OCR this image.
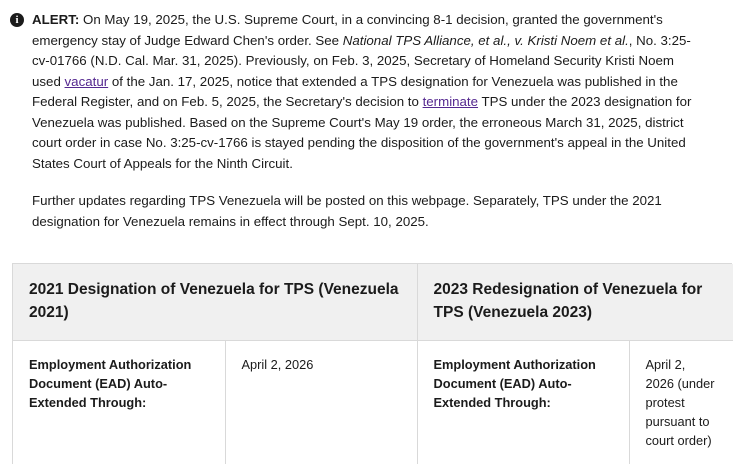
i	ALERT: On May 19, 2025, the U.S. Supreme Court, in a convincing 8-1 decision, granted the government's emergency stay of Judge Edward Chen's order. See National TPS Alliance, et al., v. Kristi Noem et al., No. 3:25-cv-01766 (N.D. Cal. Mar. 31, 2025). Previously, on Feb. 3, 2025, Secretary of Homeland Security Kristi Noem used vacatur of the Jan. 17, 2025, notice that extended a TPS designation for Venezuela was published in the Federal Register, and on Feb. 5, 2025, the Secretary's decision to terminate TPS under the 2023 designation for Venezuela was published. Based on the Supreme Court's May 19 order, the erroneous March 31, 2025, district court order in case No. 3:25-cv-1766 is stayed pending the disposition of the government's appeal in the United States Court of Appeals for the Ninth Circuit.

Further updates regarding TPS Venezuela will be posted on this webpage. Separately, TPS under the 2021 designation for Venezuela remains in effect through Sept. 10, 2025.

2021 Designation of Venezuela for TPS (Venezuela 2021)		2023 Redesignation of Venezuela for TPS (Venezuela 2023)	
Employment Authorization Document (EAD) Auto-Extended Through:	April 2, 2026	Employment Authorization Document (EAD) Auto-Extended Through:	April 2, 2026 (under protest pursuant to court order)
